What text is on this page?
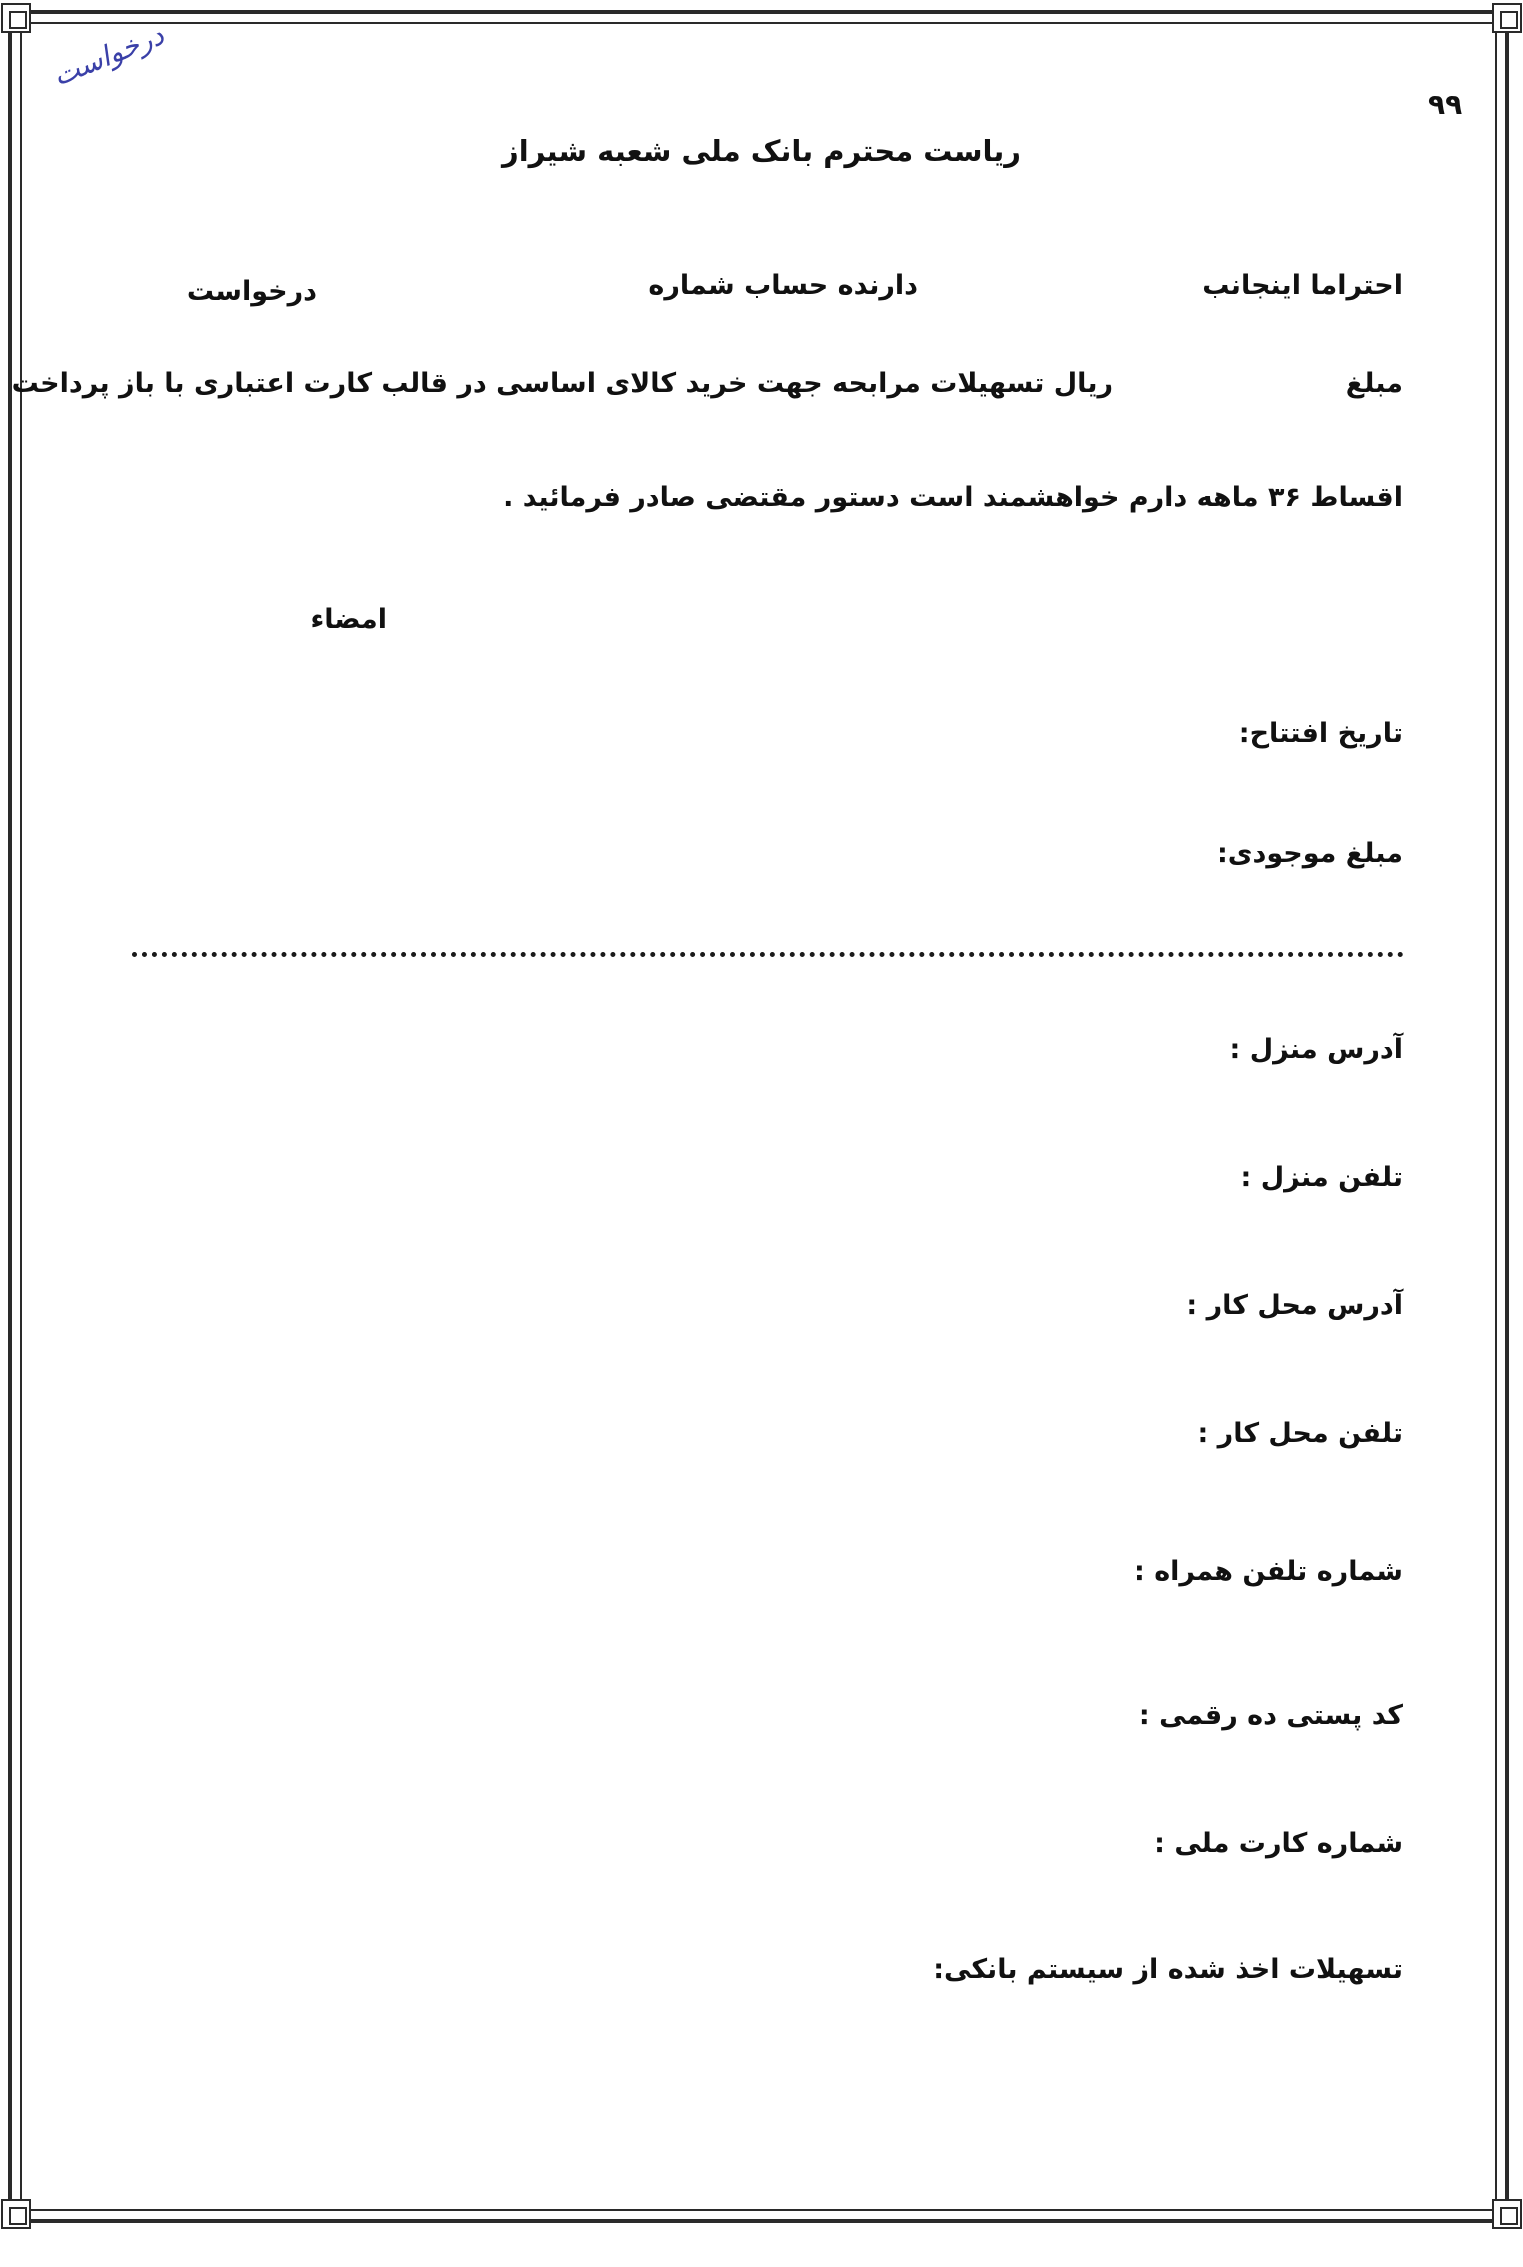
درخواست
۹۹
ریاست محترم بانک ملی شعبه شیراز
احتراما اینجانب
دارنده حساب شماره
درخواست
مبلغ
ریال تسهیلات مرابحه جهت خرید کالای اساسی در قالب کارت اعتباری با باز پرداخت
اقساط ۳۶ ماهه دارم خواهشمند است دستور مقتضی صادر فرمائید .
امضاء
تاریخ افتتاح:
مبلغ موجودی:
آدرس منزل :
تلفن منزل :
آدرس محل کار :
تلفن محل کار :
شماره تلفن همراه :
کد پستی ده رقمی :
شماره کارت ملی :
تسهیلات اخذ شده از سیستم بانکی:
